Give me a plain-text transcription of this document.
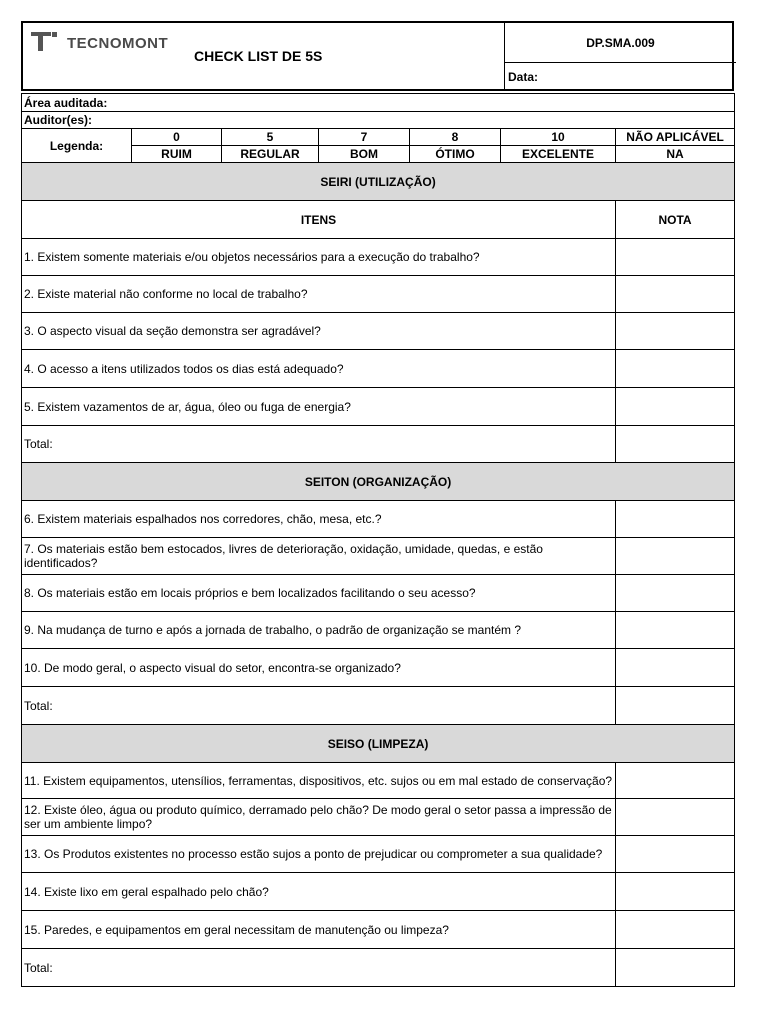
TECNOMONT
CHECK LIST DE 5S
DP.SMA.009
Data:
Área auditada:						
Auditor(es):						
Legenda:	0	5	7	8	10	NÃO APLICÁVEL
	RUIM	REGULAR	BOM	ÓTIMO	EXCELENTE	NA
SEIRI (UTILIZAÇÃO)						
ITENS						NOTA
1. Existem somente materiais e/ou objetos necessários para a execução do trabalho?						
2. Existe material não conforme no local de trabalho?						
3. O aspecto visual da seção demonstra ser agradável?						
4. O acesso a itens utilizados todos os dias está adequado?						
5. Existem vazamentos de ar, água, óleo ou fuga de energia?						
Total:						
SEITON (ORGANIZAÇÃO)						
6. Existem materiais espalhados nos corredores, chão, mesa, etc.?						
7. Os materiais estão bem estocados, livres de deterioração, oxidação, umidade, quedas, e estão identificados?						
8. Os materiais estão em locais próprios e bem localizados facilitando o seu acesso?						
9. Na mudança de turno e após a jornada de trabalho, o padrão de organização se mantém ?						
10. De modo geral, o aspecto visual do setor, encontra-se organizado?						
Total:						
SEISO (LIMPEZA)						
11. Existem equipamentos, utensílios, ferramentas, dispositivos, etc. sujos ou em mal estado de conservação?						
12. Existe óleo, água ou produto químico, derramado pelo chão? De modo geral o setor passa a impressão de ser um ambiente limpo?						
13. Os Produtos existentes no processo estão sujos a ponto de prejudicar ou comprometer a sua qualidade?						
14. Existe lixo em geral espalhado pelo chão?						
15. Paredes, e equipamentos em geral necessitam de manutenção ou limpeza?						
Total:						
